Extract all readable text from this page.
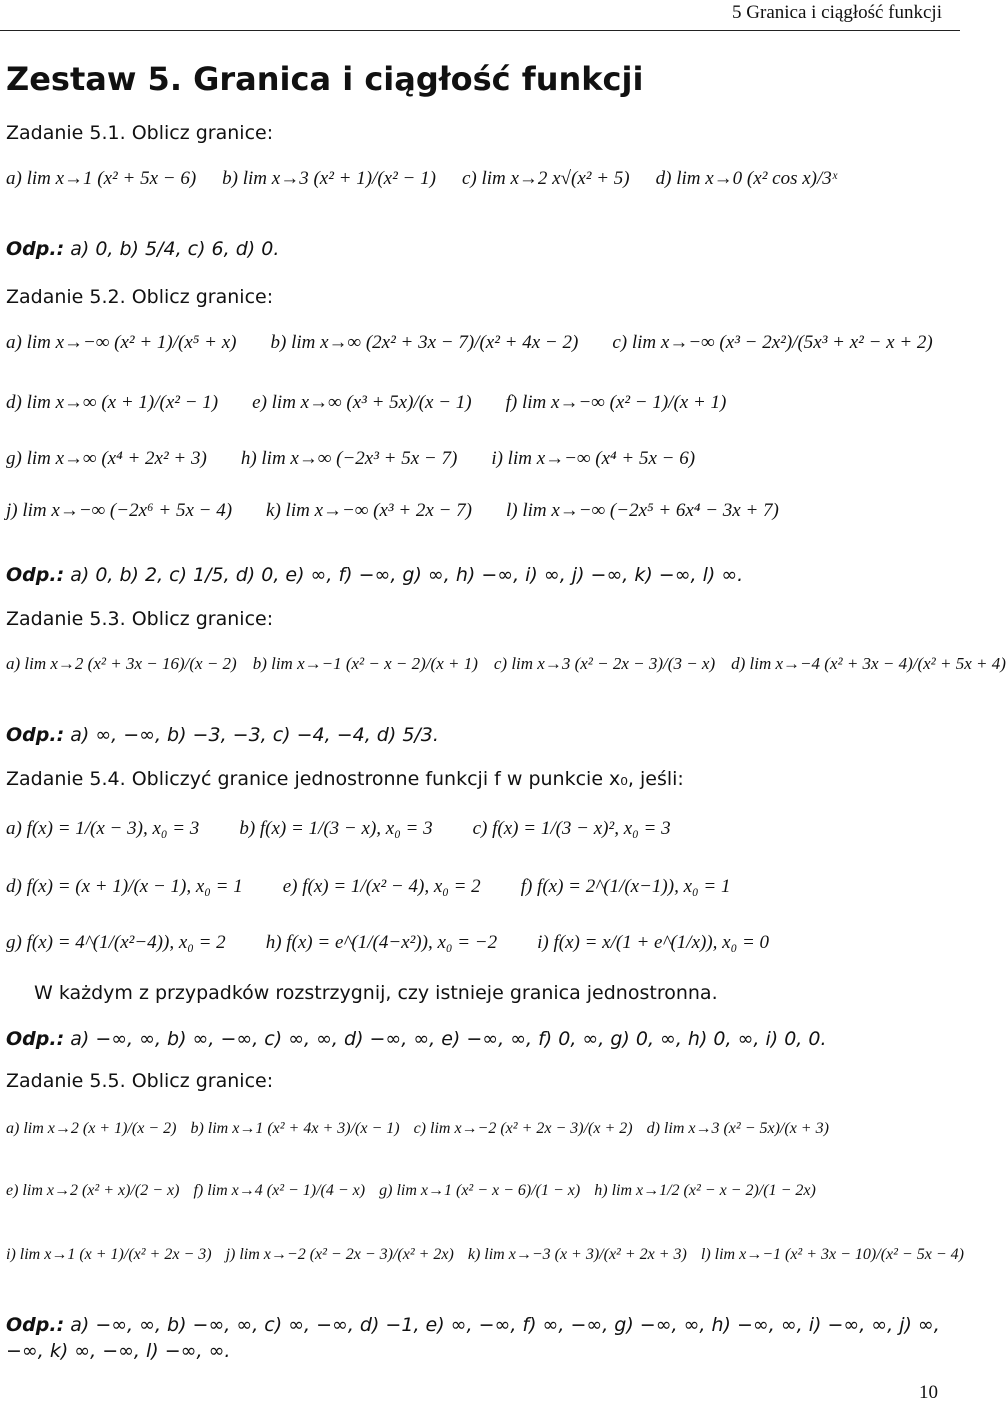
5 Granica i ciągłość funkcji
Zestaw 5. Granica i ciągłość funkcji
Zadanie 5.1. Oblicz granice:
a) lim x→1 (x² + 5x − 6) b) lim x→3 (x² + 1)/(x² − 1) c) lim x→2 x√(x² + 5) d) lim x→0 (x² cos x)/3ˣ
Odp.: a) 0, b) 5/4, c) 6, d) 0.
Zadanie 5.2. Oblicz granice:
a) lim x→−∞ (x² + 1)/(x⁵ + x) b) lim x→∞ (2x² + 3x − 7)/(x² + 4x − 2) c) lim x→−∞ (x³ − 2x²)/(5x³ + x² − x + 2)
d) lim x→∞ (x + 1)/(x² − 1) e) lim x→∞ (x³ + 5x)/(x − 1) f) lim x→−∞ (x² − 1)/(x + 1)
g) lim x→∞ (x⁴ + 2x² + 3) h) lim x→∞ (−2x³ + 5x − 7) i) lim x→−∞ (x⁴ + 5x − 6)
j) lim x→−∞ (−2x⁶ + 5x − 4) k) lim x→−∞ (x³ + 2x − 7) l) lim x→−∞ (−2x⁵ + 6x⁴ − 3x + 7)
Odp.: a) 0, b) 2, c) 1/5, d) 0, e) ∞, f) −∞, g) ∞, h) −∞, i) ∞, j) −∞, k) −∞, l) ∞.
Zadanie 5.3. Oblicz granice:
a) lim x→2 (x² + 3x − 16)/(x − 2) b) lim x→−1 (x² − x − 2)/(x + 1) c) lim x→3 (x² − 2x − 3)/(3 − x) d) lim x→−4 (x² + 3x − 4)/(x² + 5x + 4)
Odp.: a) ∞, −∞, b) −3, −3, c) −4, −4, d) 5/3.
Zadanie 5.4. Obliczyć granice jednostronne funkcji f w punkcie x₀, jeśli:
a) f(x) = 1/(x − 3), x₀ = 3 b) f(x) = 1/(3 − x), x₀ = 3 c) f(x) = 1/(3 − x)², x₀ = 3
d) f(x) = (x + 1)/(x − 1), x₀ = 1 e) f(x) = 1/(x² − 4), x₀ = 2 f) f(x) = 2^(1/(x−1)), x₀ = 1
g) f(x) = 4^(1/(x²−4)), x₀ = 2 h) f(x) = e^(1/(4−x²)), x₀ = −2 i) f(x) = x/(1 + e^(1/x)), x₀ = 0
W każdym z przypadków rozstrzygnij, czy istnieje granica jednostronna.
Odp.: a) −∞, ∞, b) ∞, −∞, c) ∞, ∞, d) −∞, ∞, e) −∞, ∞, f) 0, ∞, g) 0, ∞, h) 0, ∞, i) 0, 0.
Zadanie 5.5. Oblicz granice:
a) lim x→2 (x + 1)/(x − 2) b) lim x→1 (x² + 4x + 3)/(x − 1) c) lim x→−2 (x² + 2x − 3)/(x + 2) d) lim x→3 (x² − 5x)/(x + 3)
e) lim x→2 (x² + x)/(2 − x) f) lim x→4 (x² − 1)/(4 − x) g) lim x→1 (x² − x − 6)/(1 − x) h) lim x→1/2 (x² − x − 2)/(1 − 2x)
i) lim x→1 (x + 1)/(x² + 2x − 3) j) lim x→−2 (x² − 2x − 3)/(x² + 2x) k) lim x→−3 (x + 3)/(x² + 2x + 3) l) lim x→−1 (x² + 3x − 10)/(x² − 5x − 4)
Odp.: a) −∞, ∞, b) −∞, ∞, c) ∞, −∞, d) −1, e) ∞, −∞, f) ∞, −∞, g) −∞, ∞, h) −∞, ∞, i) −∞, ∞, j) ∞, −∞, k) ∞, −∞, l) −∞, ∞.
10
